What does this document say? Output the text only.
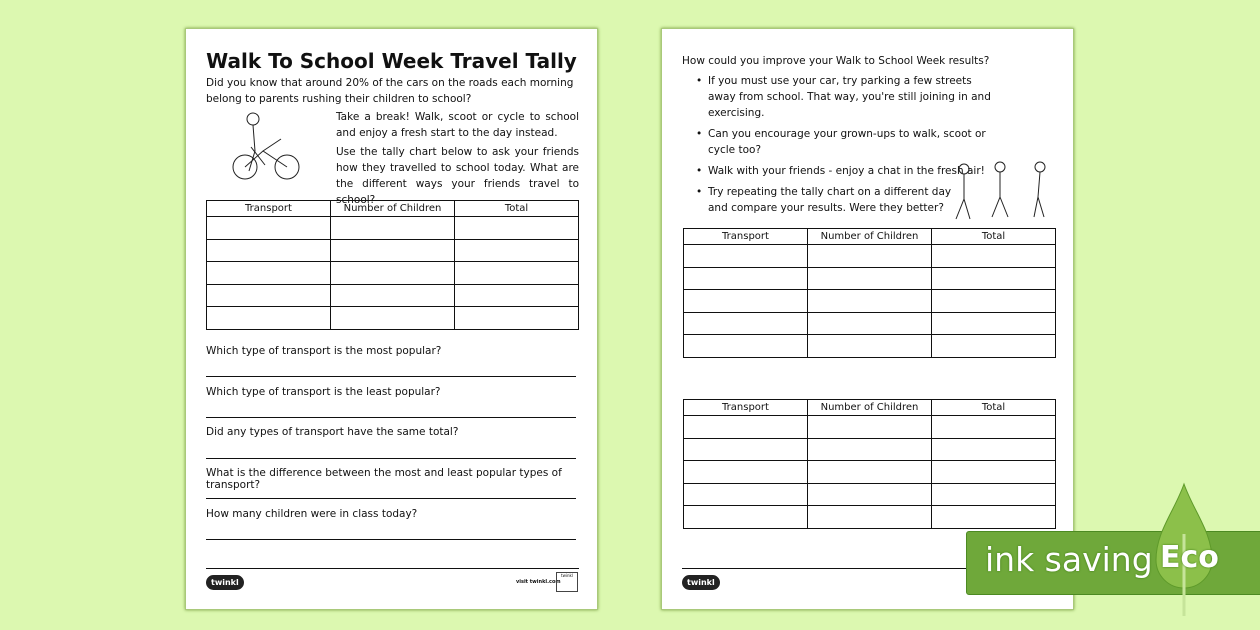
Walk To School Week Travel Tally
Did you know that around 20% of the cars on the roads each morning belong to parents rushing their children to school?
Take a break! Walk, scoot or cycle to school and enjoy a fresh start to the day instead.
Use the tally chart below to ask your friends how they travelled to school today. What are the different ways your friends travel to school?
Transport	Number of Children	Total

Which type of transport is the most popular?
Which type of transport is the least popular?
Did any types of transport have the same total?
What is the difference between the most and least popular types of transport?
How many children were in class today?
twinkl	visit twinkl.com
twinkl
How could you improve your Walk to School Week results?
• If you must use your car, try parking a few streets away from school. That way, you're still joining in and exercising.
• Can you encourage your grown-ups to walk, scoot or cycle too?
• Walk with your friends - enjoy a chat in the fresh air!
• Try repeating the tally chart on a different day and compare your results. Were they better?
Transport	Number of Children	Total

Transport	Number of Children	Total

twinkl
ink saving Eco
